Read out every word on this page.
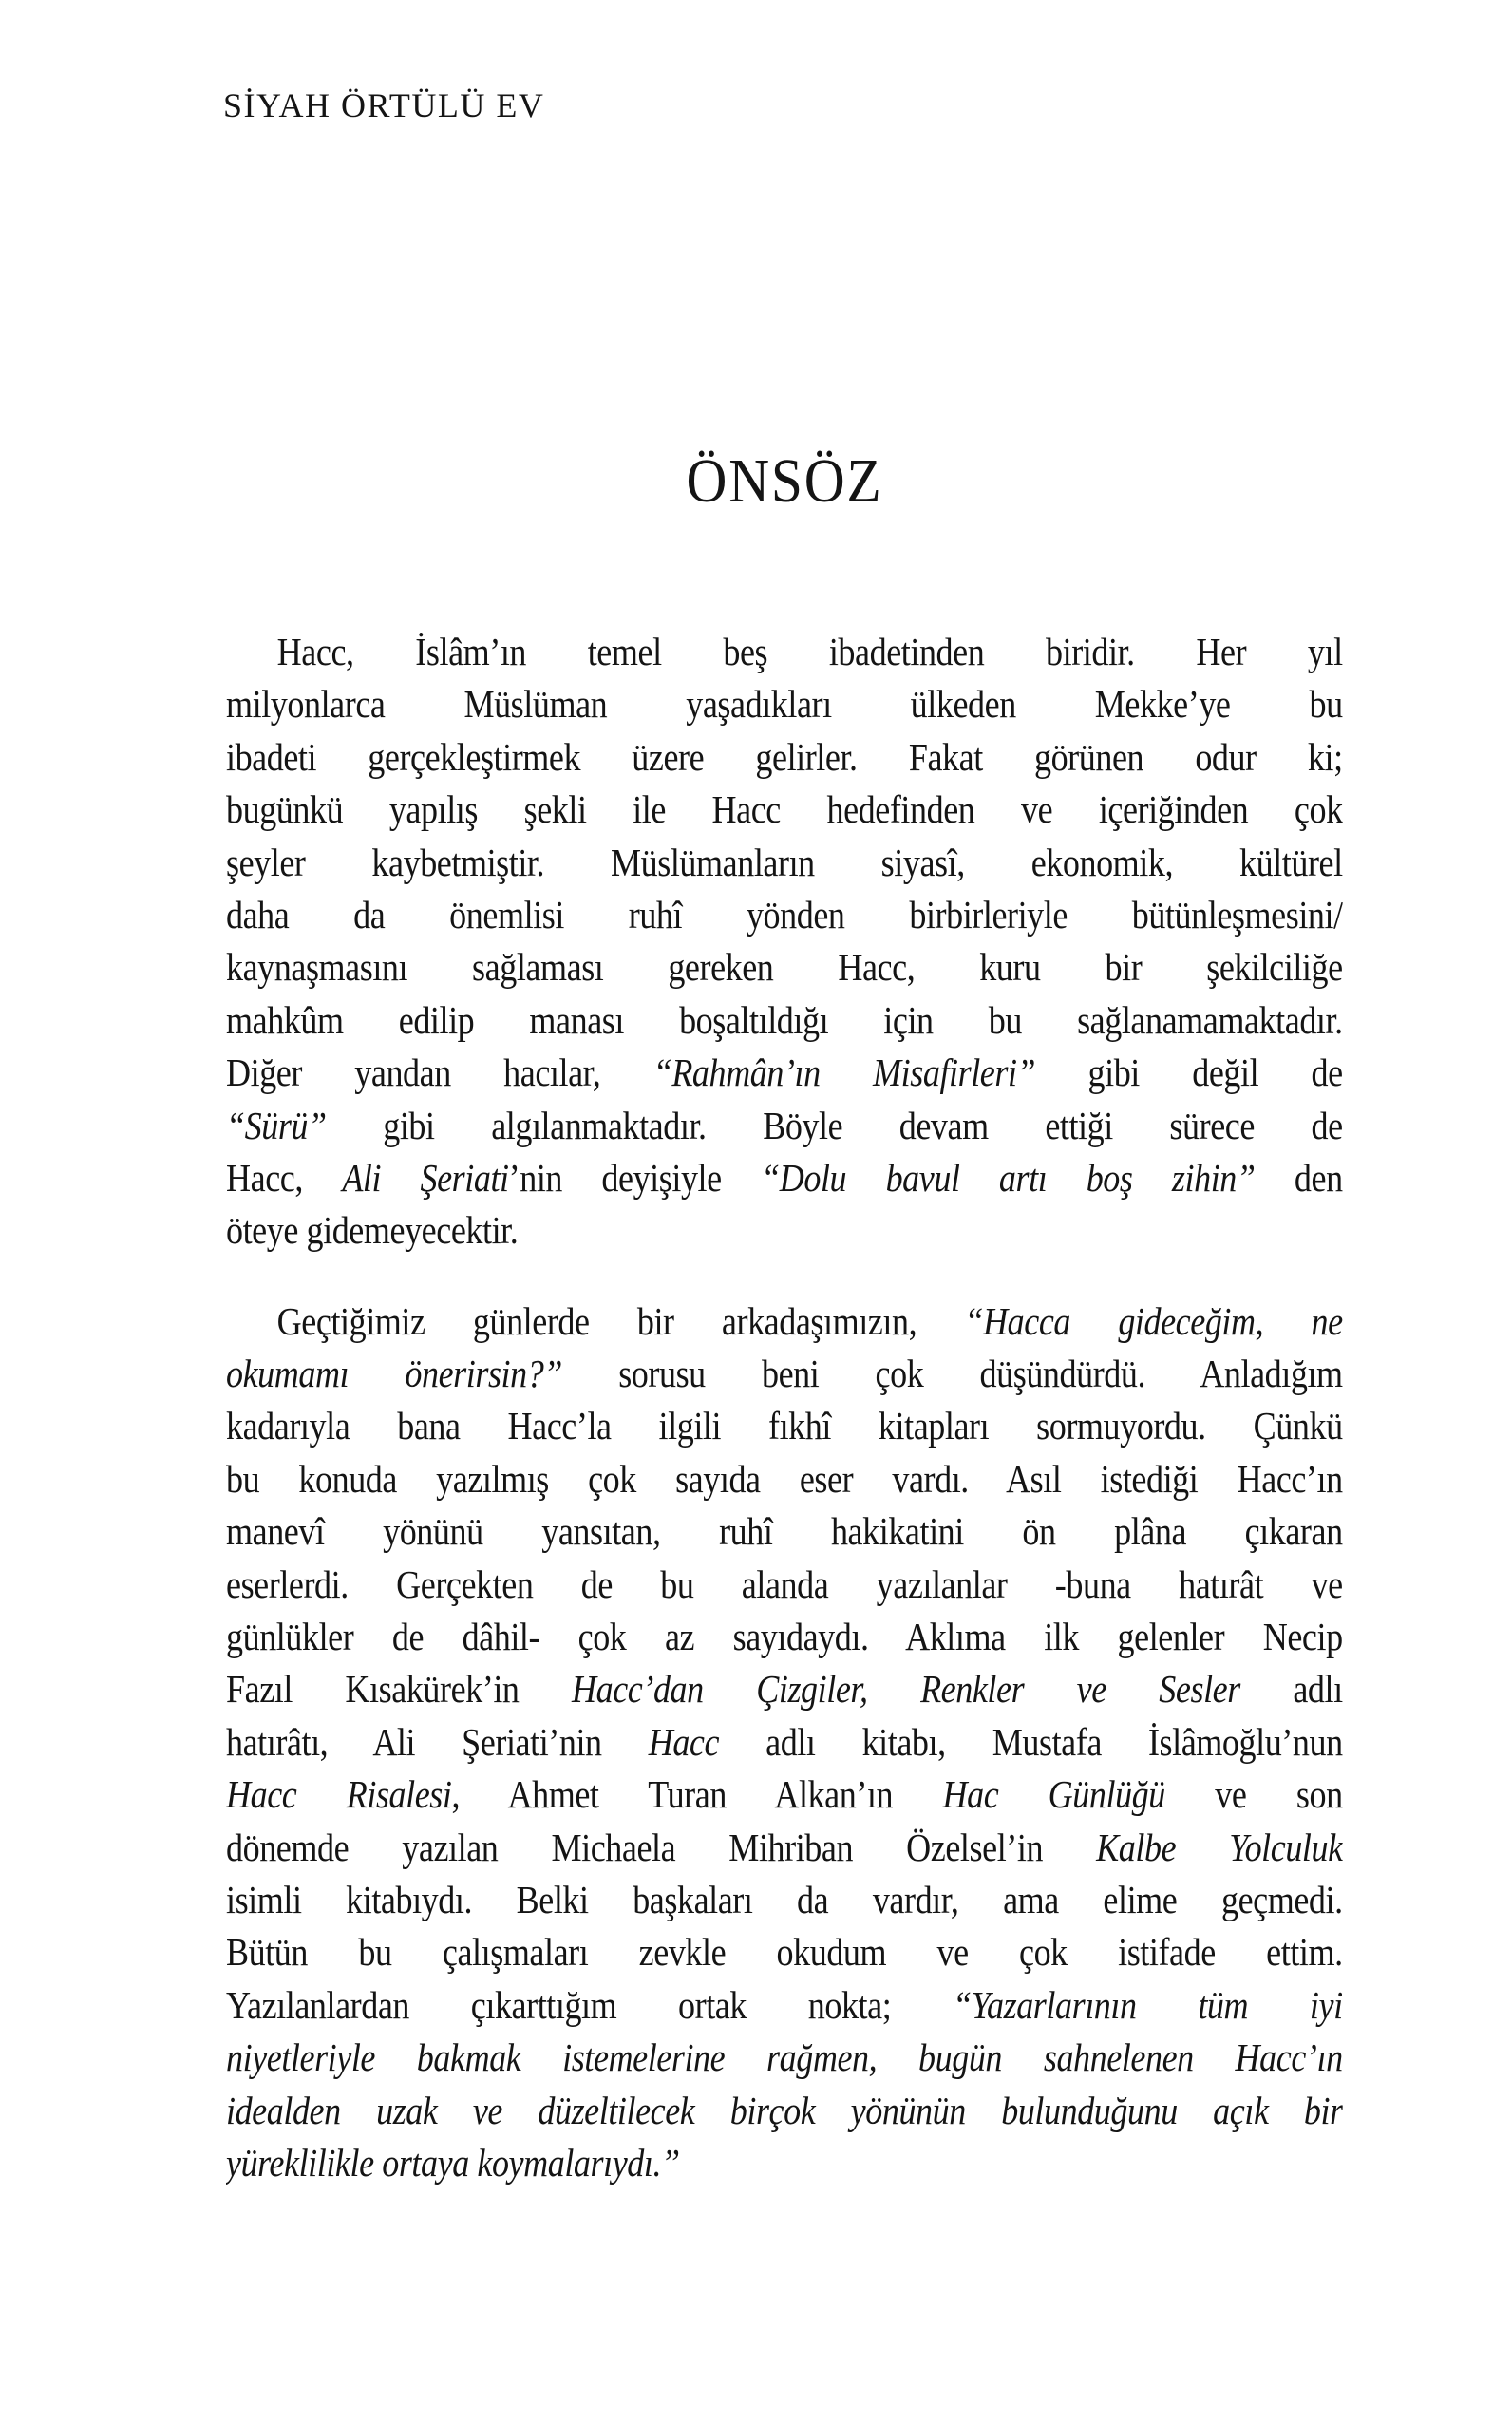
SİYAH ÖRTÜLÜ EV
ÖNSÖZ
Hacc, İslâm’ın temel beş ibadetinden biridir. Her yıl
milyonlarca Müslüman yaşadıkları ülkeden Mekke’ye bu
ibadeti gerçekleştirmek üzere gelirler. Fakat görünen odur ki;
bugünkü yapılış şekli ile Hacc hedefinden ve içeriğinden çok
şeyler kaybetmiştir. Müslümanların siyasî, ekonomik, kültürel
daha da önemlisi ruhî yönden birbirleriyle bütünleşmesini/
kaynaşmasını sağlaması gereken Hacc, kuru bir şekilciliğe
mahkûm edilip manası boşaltıldığı için bu sağlanamamaktadır.
Diğer yandan hacılar, “Rahmân’ın Misafirleri” gibi değil de
“Sürü” gibi algılanmaktadır. Böyle devam ettiği sürece de
Hacc, Ali Şeriati’nin deyişiyle “Dolu bavul artı boş zihin” den
öteye gidemeyecektir.
Geçtiğimiz günlerde bir arkadaşımızın, “Hacca gideceğim, ne
okumamı önerirsin?” sorusu beni çok düşündürdü. Anladığım
kadarıyla bana Hacc’la ilgili fıkhî kitapları sormuyordu. Çünkü
bu konuda yazılmış çok sayıda eser vardı. Asıl istediği Hacc’ın
manevî yönünü yansıtan, ruhî hakikatini ön plâna çıkaran
eserlerdi. Gerçekten de bu alanda yazılanlar -buna hatırât ve
günlükler de dâhil- çok az sayıdaydı. Aklıma ilk gelenler Necip
Fazıl Kısakürek’in Hacc’dan Çizgiler, Renkler ve Sesler adlı
hatırâtı, Ali Şeriati’nin Hacc adlı kitabı, Mustafa İslâmoğlu’nun
Hacc Risalesi, Ahmet Turan Alkan’ın Hac Günlüğü ve son
dönemde yazılan Michaela Mihriban Özelsel’in Kalbe Yolculuk
isimli kitabıydı. Belki başkaları da vardır, ama elime geçmedi.
Bütün bu çalışmaları zevkle okudum ve çok istifade ettim.
Yazılanlardan çıkarttığım ortak nokta; “Yazarlarının tüm iyi
niyetleriyle bakmak istemelerine rağmen, bugün sahnelenen Hacc’ın
idealden uzak ve düzeltilecek birçok yönünün bulunduğunu açık bir
yüreklilikle ortaya koymalarıydı.”
